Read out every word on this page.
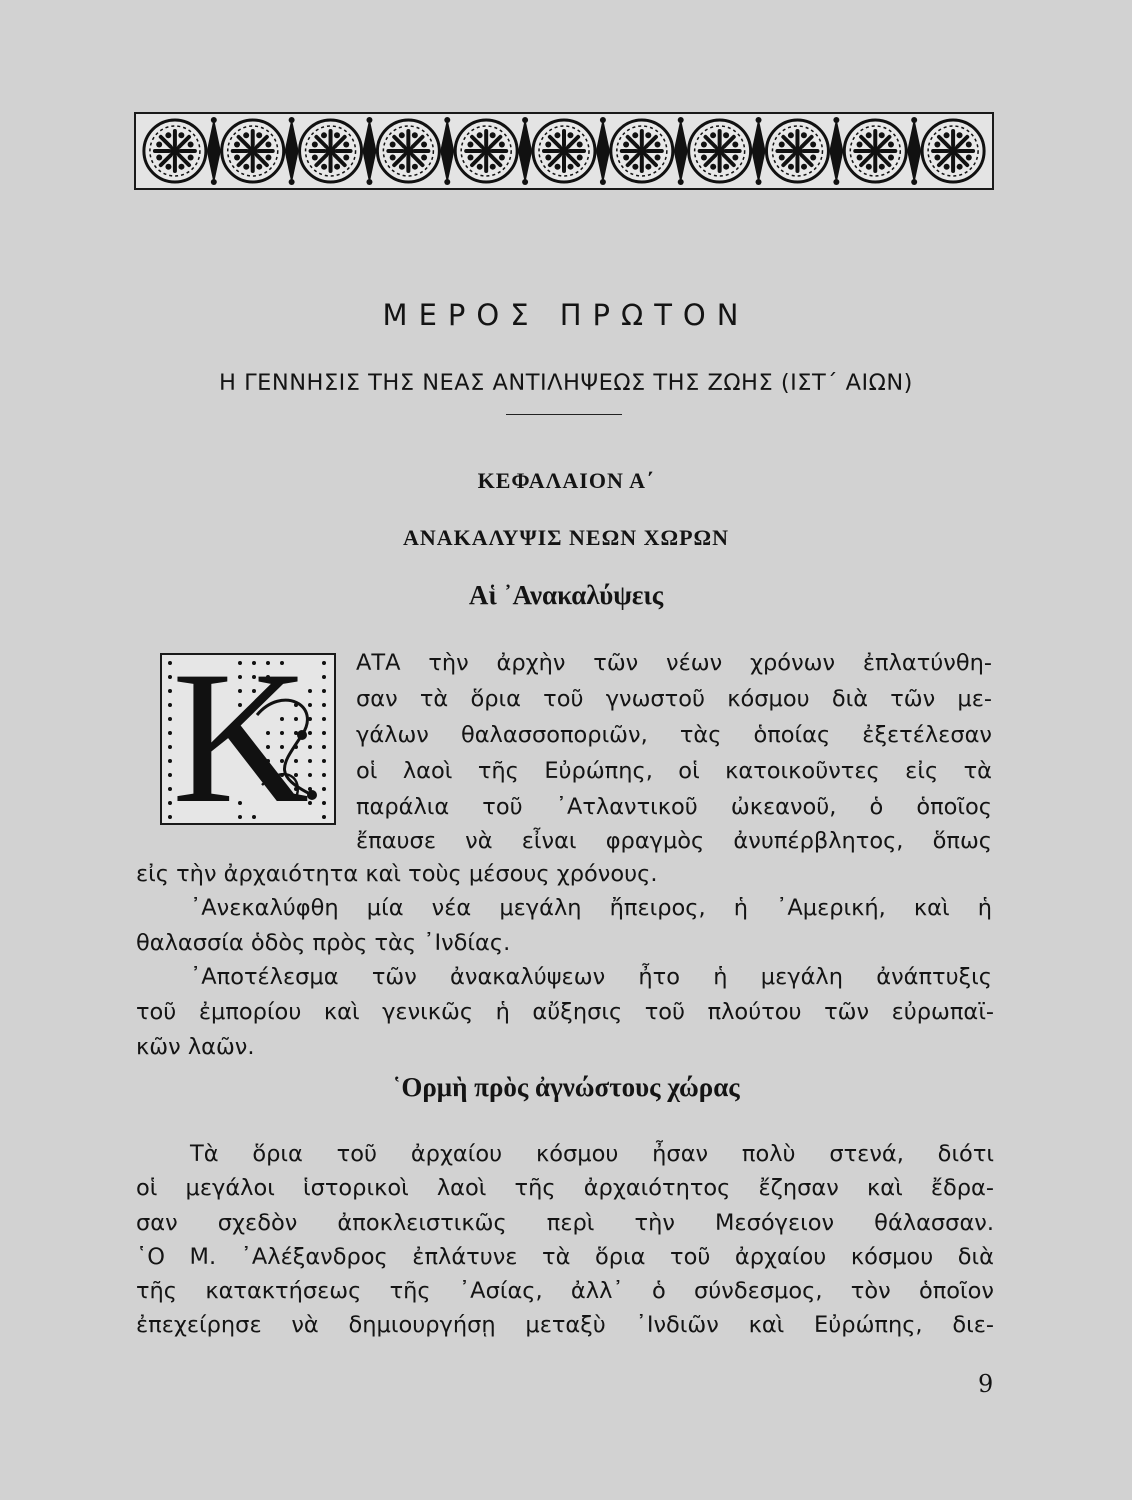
ΜΕΡΟΣ ΠΡΩΤΟΝ
Η ΓΕΝΝΗΣΙΣ ΤΗΣ ΝΕΑΣ ΑΝΤΙΛΗΨΕΩΣ ΤΗΣ ΖΩΗΣ (ΙΣΤ΄ ΑΙΩΝ)
ΚΕΦΑΛΑΙΟΝ Α΄
ΑΝΑΚΑΛΥΨΙΣ ΝΕΩΝ ΧΩΡΩΝ
Αἱ ᾿Ανακαλύψεις
K	ΑΤΑ τὴν ἀρχὴν τῶν νέων χρόνων ἐπλατύνθη-

σαν τὰ ὅρια τοῦ γνωστοῦ κόσμου διὰ τῶν με-

γάλων θαλασσοποριῶν, τὰς ὁποίας ἐξετέλεσαν

οἱ λαοὶ τῆς Εὐρώπης, οἱ κατοικοῦντες εἰς τὰ

παράλια τοῦ ᾿Ατλαντικοῦ ὠκεανοῦ, ὁ ὁποῖος

ἔπαυσε νὰ εἶναι φραγμὸς ἀνυπέρβλητος, ὅπως

εἰς τὴν ἀρχαιότητα καὶ τοὺς μέσους χρόνους.

᾿Ανεκαλύφθη μία νέα μεγάλη ἤπειρος, ἡ ᾿Αμερική, καὶ ἡ

θαλασσία ὁδὸς πρὸς τὰς ᾿Ινδίας.

᾿Αποτέλεσμα τῶν ἀνακαλύψεων ἦτο ἡ μεγάλη ἀνάπτυξις

τοῦ ἐμπορίου καὶ γενικῶς ἡ αὔξησις τοῦ πλούτου τῶν εὐρωπαϊ-

κῶν λαῶν.

῾Ορμὴ πρὸς ἀγνώστους χώρας

Τὰ ὅρια τοῦ ἀρχαίου κόσμου ἦσαν πολὺ στενά, διότι

οἱ μεγάλοι ἱστορικοὶ λαοὶ τῆς ἀρχαιότητος ἔζησαν καὶ ἔδρα-

σαν σχεδὸν ἀποκλειστικῶς περὶ τὴν Μεσόγειον θάλασσαν.

῾Ο Μ. ᾿Αλέξανδρος ἐπλάτυνε τὰ ὅρια τοῦ ἀρχαίου κόσμου διὰ

τῆς κατακτήσεως τῆς ᾿Ασίας, ἀλλ᾿ ὁ σύνδεσμος, τὸν ὁποῖον

ἐπεχείρησε νὰ δημιουργήσῃ μεταξὺ ᾿Ινδιῶν καὶ Εὐρώπης, διε-

9
